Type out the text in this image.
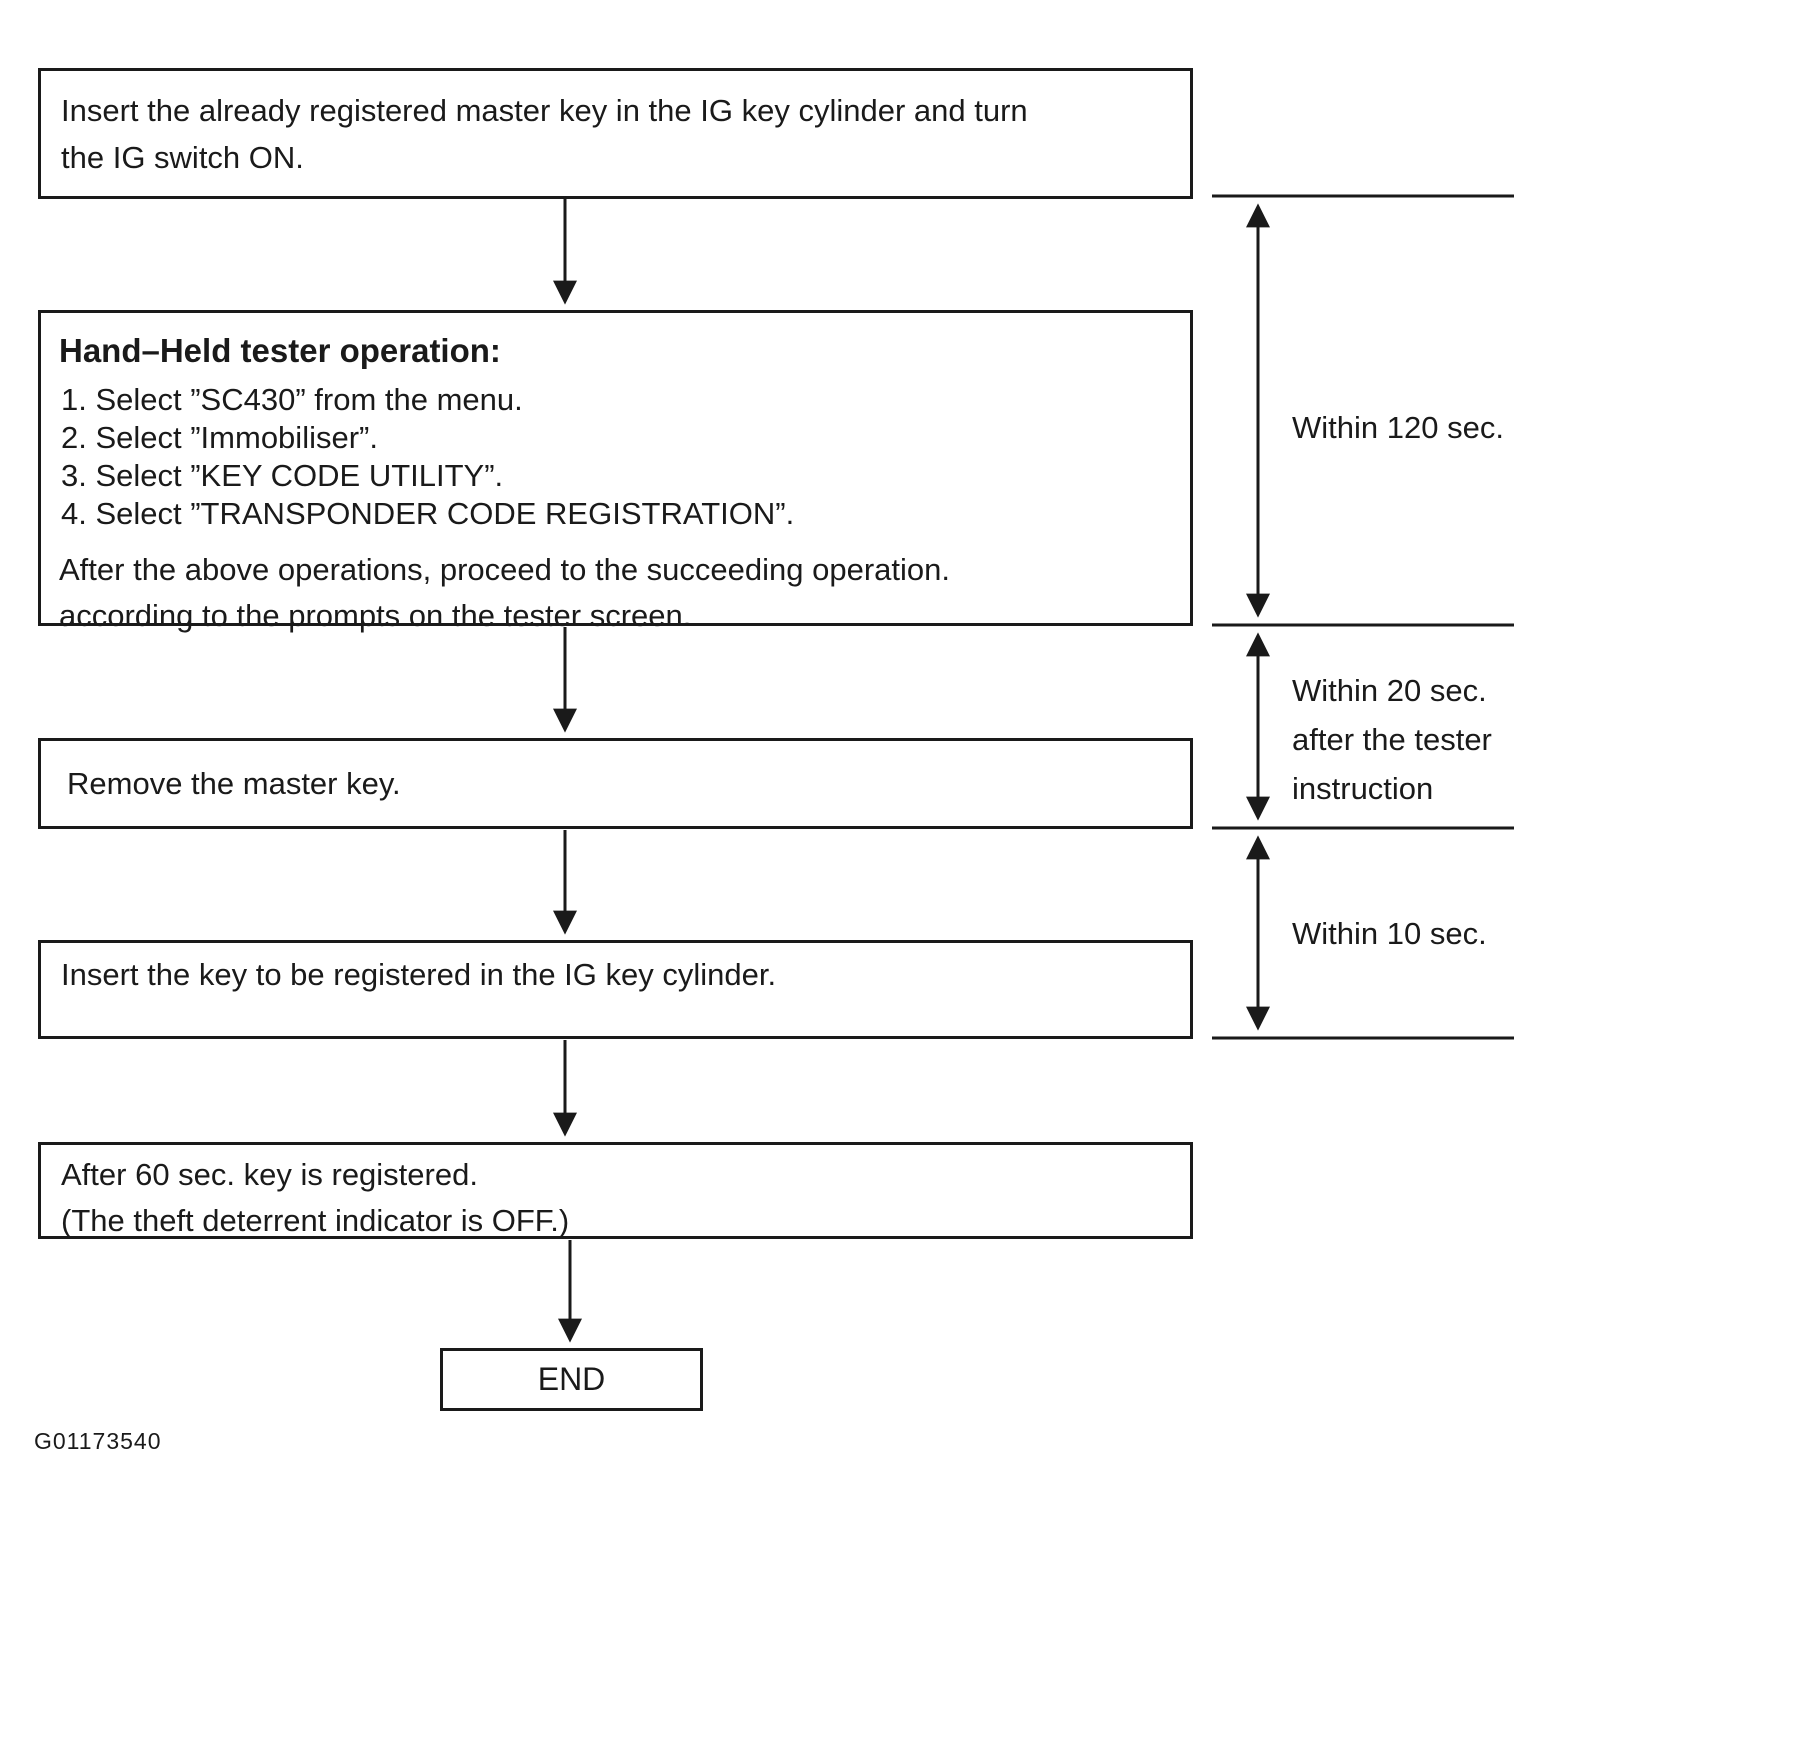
Insert the already registered master key in the IG key cylinder and turn
the IG switch ON.
Hand–Held tester operation:
1. Select ”SC430” from the menu.
2. Select ”Immobiliser”.
3. Select ”KEY CODE UTILITY”.
4. Select ”TRANSPONDER CODE REGISTRATION”.
After the above operations, proceed to the succeeding operation.
according to the prompts on the tester screen.
Remove the master key.
Insert the key to be registered in the IG key cylinder.
After 60 sec. key is registered.
(The theft deterrent indicator is OFF.)
END
Within 120 sec.
Within 20 sec.
after the tester
instruction
Within 10 sec.
G01173540
